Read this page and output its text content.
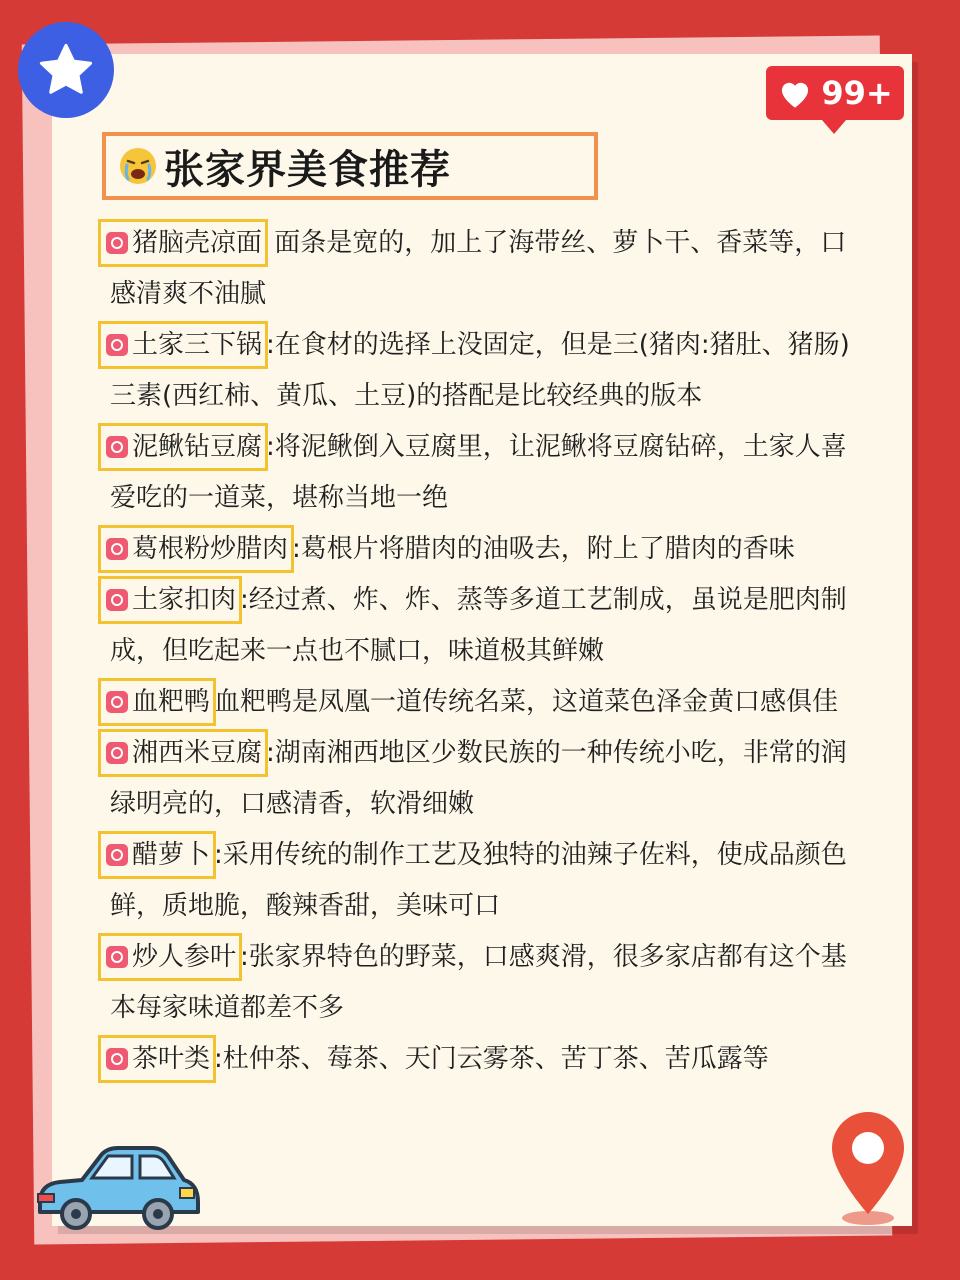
99+
张家界美食推荐
猪脑壳凉面 面条是宽的，加上了海带丝、萝卜干、香菜等，口感清爽不油腻
土家三下锅 :在食材的选择上没固定，但是三(猪肉:猪肚、猪肠)三素(西红柿、黄瓜、土豆)的搭配是比较经典的版本
泥鳅钻豆腐 :将泥鳅倒入豆腐里，让泥鳅将豆腐钻碎，土家人喜爱吃的一道菜，堪称当地一绝
葛根粉炒腊肉 :葛根片将腊肉的油吸去，附上了腊肉的香味
土家扣肉 :经过煮、炸、炸、蒸等多道工艺制成，虽说是肥肉制成，但吃起来一点也不腻口，味道极其鲜嫩
血粑鸭 血粑鸭是凤凰一道传统名菜，这道菜色泽金黄口感俱佳
湘西米豆腐 :湖南湘西地区少数民族的一种传统小吃，非常的润绿明亮的，口感清香，软滑细嫩
醋萝卜 :采用传统的制作工艺及独特的油辣子佐料，使成品颜色鲜，质地脆，酸辣香甜，美味可口
炒人参叶 :张家界特色的野菜，口感爽滑，很多家店都有这个基本每家味道都差不多
茶叶类 :杜仲茶、莓茶、天门云雾茶、苦丁茶、苦瓜露等
